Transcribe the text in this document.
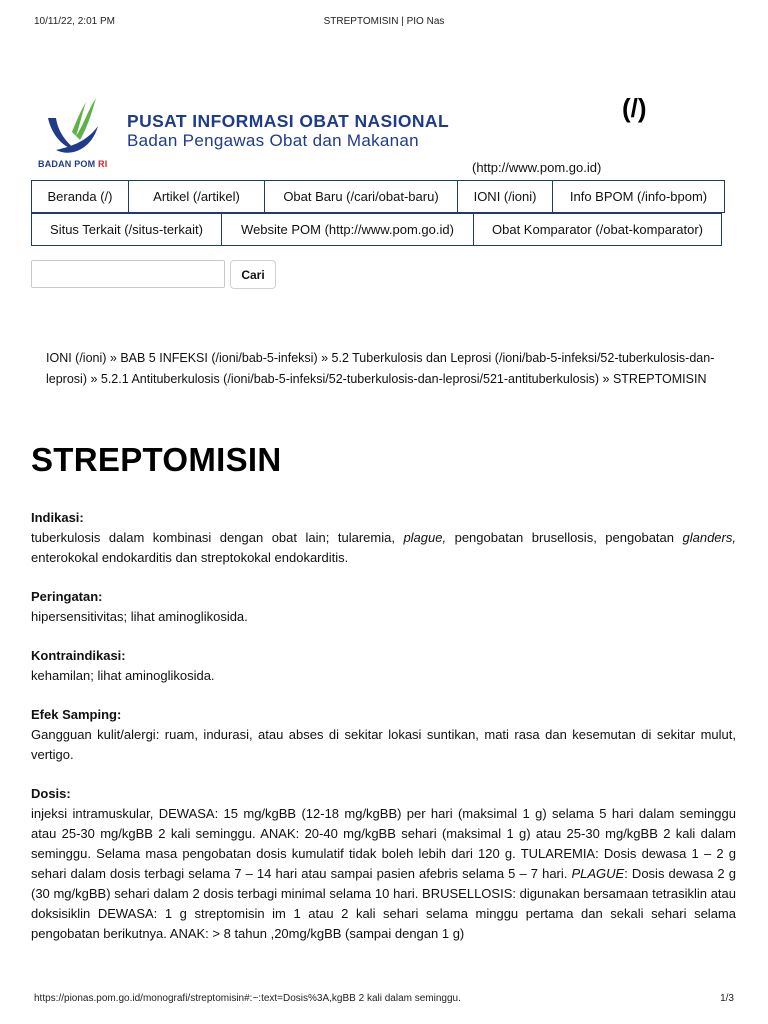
10/11/22, 2:01 PM	STREPTOMISIN | PIO Nas
BADAN POM RI
PUSAT INFORMASI OBAT NASIONAL
Badan Pengawas Obat dan Makanan
(/)
(http://www.pom.go.id)
Beranda (/)	Artikel (/artikel)	Obat Baru (/cari/obat-baru)	IONI (/ioni)	Info BPOM (/info-bpom)
Situs Terkait (/situs-terkait)	Website POM (http://www.pom.go.id)	Obat Komparator (/obat-komparator)
Cari
IONI (/ioni) » BAB 5 INFEKSI (/ioni/bab-5-infeksi) » 5.2 Tuberkulosis dan Leprosi (/ioni/bab-5-infeksi/52-tuberkulosis-dan-leprosi) » 5.2.1 Antituberkulosis (/ioni/bab-5-infeksi/52-tuberkulosis-dan-leprosi/521-antituberkulosis) » STREPTOMISIN
STREPTOMISIN
Indikasi:
tuberkulosis dalam kombinasi dengan obat lain; tularemia, plague, pengobatan brusellosis, pengobatan glanders, enterokokal endokarditis dan streptokokal endokarditis.
Peringatan:
hipersensitivitas; lihat aminoglikosida.
Kontraindikasi:
kehamilan; lihat aminoglikosida.
Efek Samping:
Gangguan kulit/alergi: ruam, indurasi, atau abses di sekitar lokasi suntikan, mati rasa dan kesemutan di sekitar mulut, vertigo.
Dosis:
injeksi intramuskular, DEWASA: 15 mg/kgBB (12-18 mg/kgBB) per hari (maksimal 1 g) selama 5 hari dalam seminggu atau 25-30 mg/kgBB 2 kali seminggu. ANAK: 20-40 mg/kgBB sehari (maksimal 1 g) atau 25-30 mg/kgBB 2 kali dalam seminggu. Selama masa pengobatan dosis kumulatif tidak boleh lebih dari 120 g. TULAREMIA: Dosis dewasa 1 – 2 g sehari dalam dosis terbagi selama 7 – 14 hari atau sampai pasien afebris selama 5 – 7 hari. PLAGUE: Dosis dewasa 2 g (30 mg/kgBB) sehari dalam 2 dosis terbagi minimal selama 10 hari. BRUSELLOSIS: digunakan bersamaan tetrasiklin atau doksisiklin DEWASA: 1 g streptomisin im 1 atau 2 kali sehari selama minggu pertama dan sekali sehari selama pengobatan berikutnya. ANAK: > 8 tahun ,20mg/kgBB (sampai dengan 1 g)
https://pionas.pom.go.id/monografi/streptomisin#:~:text=Dosis%3A,kgBB 2 kali dalam seminggu.	1/3
